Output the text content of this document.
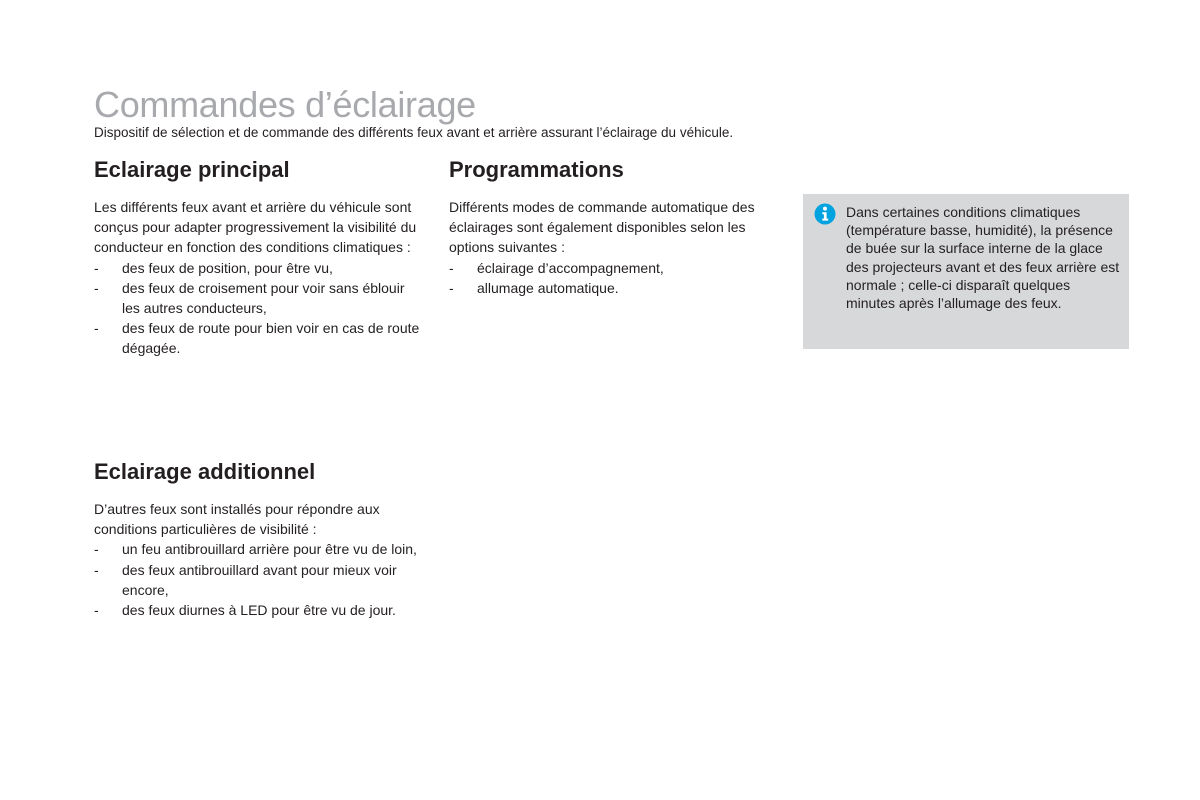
Commandes d’éclairage

Dispositif de sélection et de commande des différents feux avant et arrière assurant l’éclairage du véhicule.

Eclairage principal

Les différents feux avant et arrière du véhicule sont conçus pour adapter progressivement la visibilité du conducteur en fonction des conditions climatiques :

- des feux de position, pour être vu,
- des feux de croisement pour voir sans éblouir les autres conducteurs,
- des feux de route pour bien voir en cas de route dégagée.
Programmations

Différents modes de commande automatique des éclairages sont également disponibles selon les options suivantes :

- éclairage d’accompagnement,
- allumage automatique.
Eclairage additionnel

D’autres feux sont installés pour répondre aux conditions particulières de visibilité :

- un feu antibrouillard arrière pour être vu de loin,
- des feux antibrouillard avant pour mieux voir encore,
- des feux diurnes à LED pour être vu de jour.

Dans certaines conditions climatiques (température basse, humidité), la présence de buée sur la surface interne de la glace des projecteurs avant et des feux arrière est normale ; celle-ci disparaît quelques minutes après l’allumage des feux.
